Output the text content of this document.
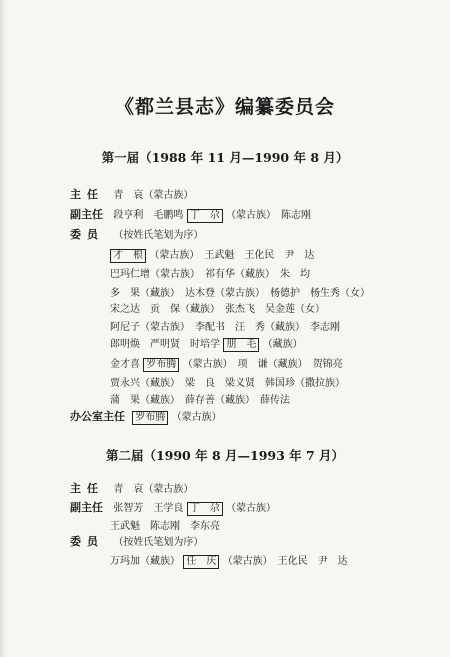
《都兰县志》编纂委员会
第一届（1988 年 11 月—1990 年 8 月）
主任 青　哀（蒙古族）
副主任 段亨利　毛鹏鸣 丁　尕 （蒙古族）　陈志刚
委员 （按姓氏笔划为序）
才　根 （蒙古族）　王武魁　王化民　尹　达
巴玛仁增（蒙古族）　祁有华（藏族）　朱　均
多　果（藏族）　达木登（蒙古族）　杨德护　杨生秀（女）
宋之达　贡　保（藏族）　张杰飞　吴金莲（女）
阿尼子（蒙古族）　李配书　汪　秀（藏族）　李志刚
郎明焕　严明贤　时培学 朋　毛 （藏族）
金才喜 罗布腾 （蒙古族）　项　谦（藏族）　贺锦亮
贾永兴（藏族）　梁　良　梁义贤　韩国珍（撒拉族）
蒲　果（藏族）　薛存善（藏族）　薛传法
办公室主任 罗布腾 （蒙古族）
第二届（1990 年 8 月—1993 年 7 月）
主任 青　哀（蒙古族）
副主任 张智芳　王学良 丁　尕 （蒙古族）
王武魁　陈志刚　李东亮
委员 （按姓氏笔划为序）
万玛加（藏族） 任　庆 （蒙古族）　王化民　尹　达
